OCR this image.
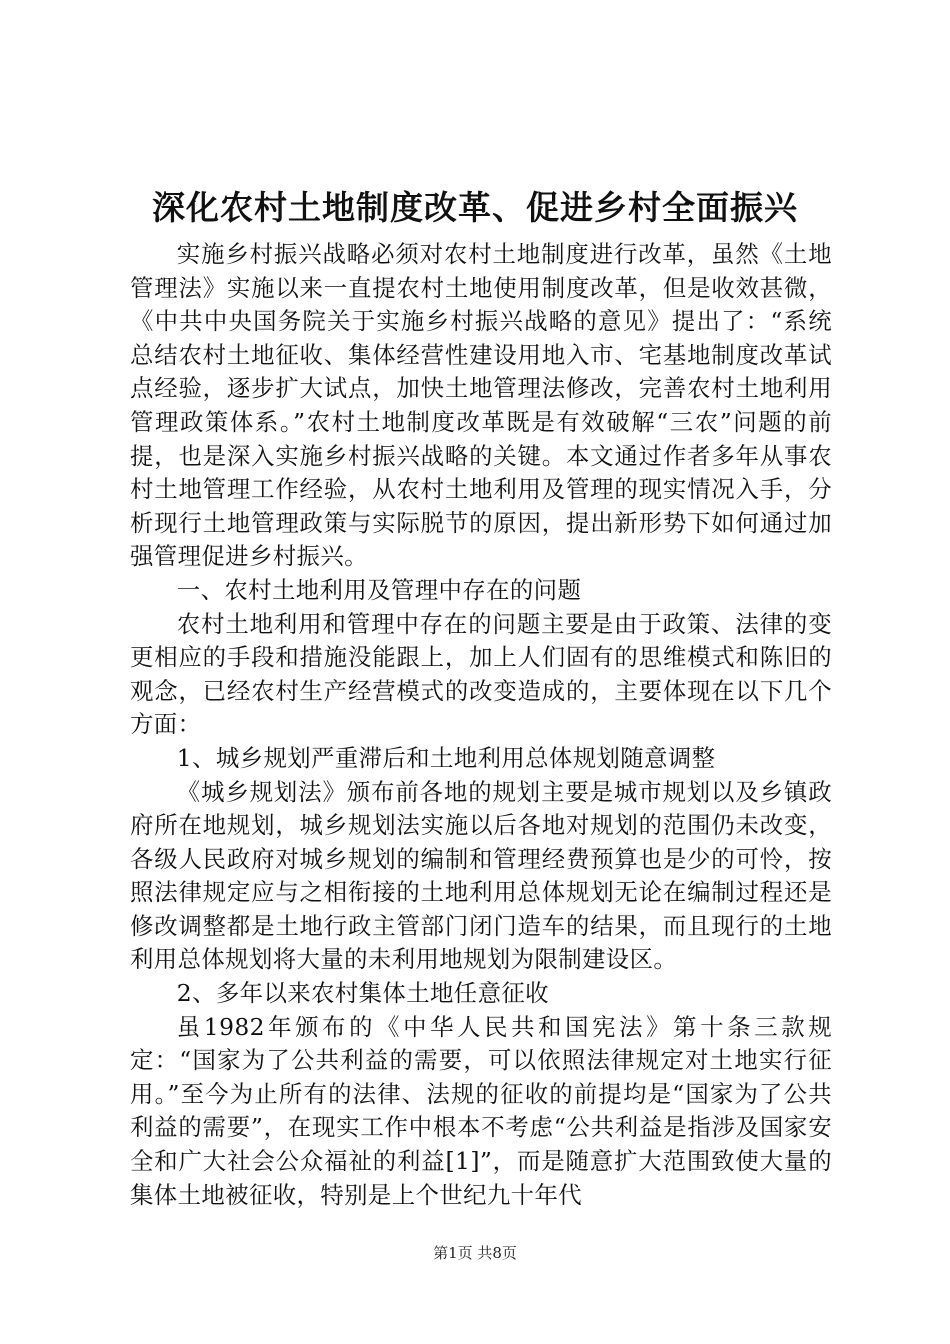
深化农村土地制度改革、促进乡村全面振兴

实施乡村振兴战略必须对农村土地制度进行改革，虽然《土地管理法》实施以来一直提农村土地使用制度改革，但是收效甚微，《中共中央国务院关于实施乡村振兴战略的意见》提出了：“系统总结农村土地征收、集体经营性建设用地入市、宅基地制度改革试点经验，逐步扩大试点，加快土地管理法修改，完善农村土地利用管理政策体系。”农村土地制度改革既是有效破解“三农”问题的前提，也是深入实施乡村振兴战略的关键。本文通过作者多年从事农村土地管理工作经验，从农村土地利用及管理的现实情况入手，分析现行土地管理政策与实际脱节的原因，提出新形势下如何通过加强管理促进乡村振兴。

一、农村土地利用及管理中存在的问题

农村土地利用和管理中存在的问题主要是由于政策、法律的变更相应的手段和措施没能跟上，加上人们固有的思维模式和陈旧的观念，已经农村生产经营模式的改变造成的，主要体现在以下几个方面：

1、城乡规划严重滞后和土地利用总体规划随意调整

《城乡规划法》颁布前各地的规划主要是城市规划以及乡镇政府所在地规划，城乡规划法实施以后各地对规划的范围仍未改变，各级人民政府对城乡规划的编制和管理经费预算也是少的可怜，按照法律规定应与之相衔接的土地利用总体规划无论在编制过程还是修改调整都是土地行政主管部门闭门造车的结果，而且现行的土地利用总体规划将大量的未利用地规划为限制建设区。

2、多年以来农村集体土地任意征收

虽1982年颁布的《中华人民共和国宪法》第十条三款规定：“国家为了公共利益的需要，可以依照法律规定对土地实行征用。”至今为止所有的法律、法规的征收的前提均是“国家为了公共利益的需要”，在现实工作中根本不考虑“公共利益是指涉及国家安全和广大社会公众福祉的利益[1]”，而是随意扩大范围致使大量的集体土地被征收，特别是上个世纪九十年代

第1页 共8页
